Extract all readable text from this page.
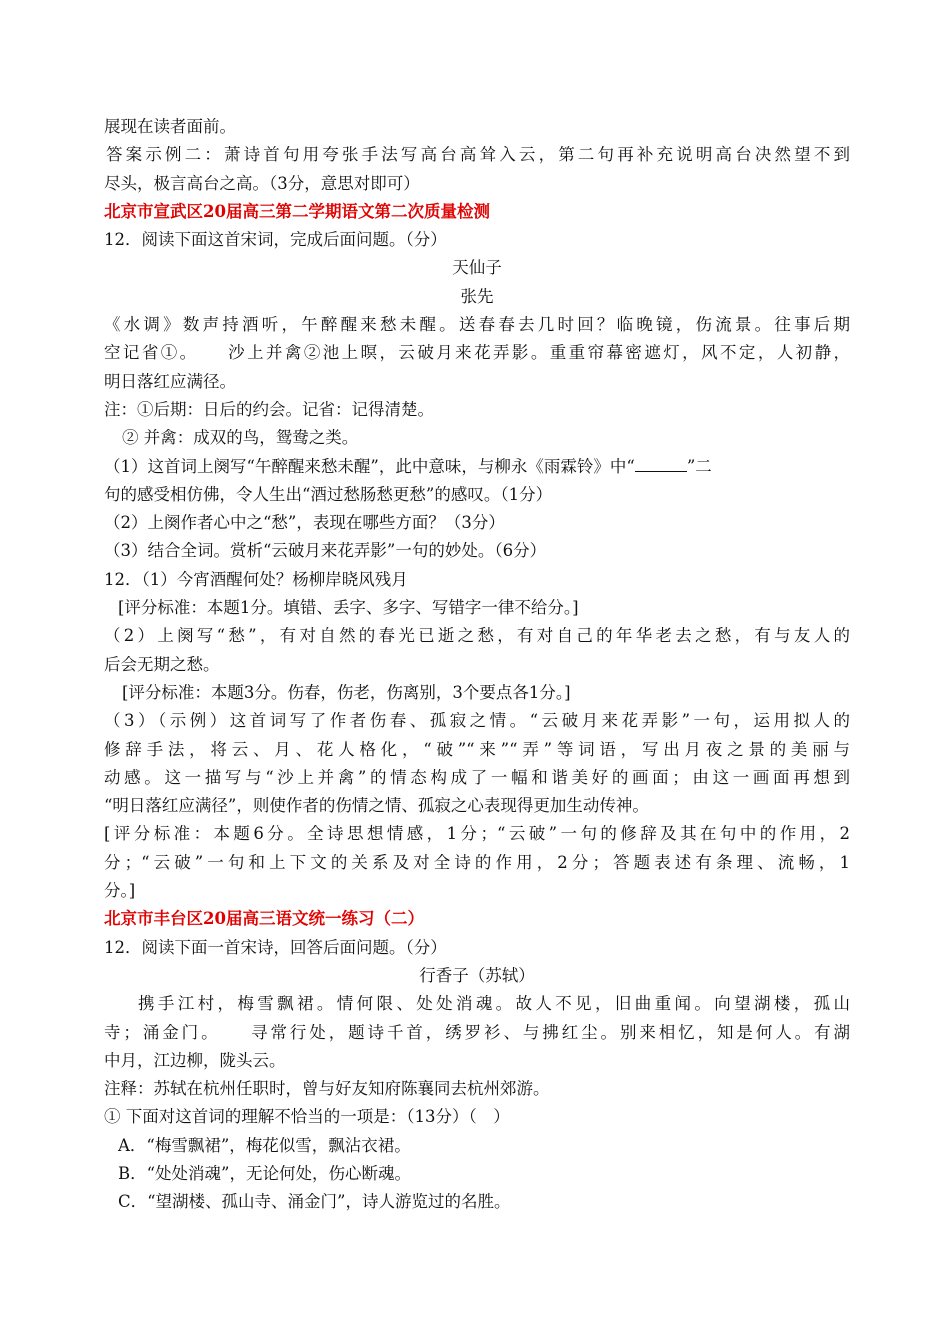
展现在读者面前。
答案示例二：萧诗首句用夸张手法写高台高耸入云，第二句再补充说明高台决然望不到
尽头，极言高台之高。（3分，意思对即可）
北京市宣武区20届高三第二学期语文第二次质量检测
12．阅读下面这首宋词，完成后面问题。（分）
天仙子
张先
《水调》数声持酒听，午醉醒来愁未醒。送春春去几时回？临晚镜，伤流景。往事后期
空记省①。　　沙上并禽②池上暝，云破月来花弄影。重重帘幕密遮灯，风不定，人初静，
明日落红应满径。
注：①后期：日后的约会。记省：记得清楚。
② 并禽：成双的鸟，鸳鸯之类。
（1）这首词上阕写“午醉醒来愁未醒”，此中意味，与柳永《雨霖铃》中“	”二
句的感受相仿佛，令人生出“酒过愁肠愁更愁”的感叹。（1分）
（2）上阕作者心中之“愁”，表现在哪些方面？（3分）
（3）结合全词。赏析“云破月来花弄影”一句的妙处。（6分）
12．（1）今宵酒醒何处？杨柳岸晓风残月
[评分标准：本题1分。填错、丢字、多字、写错字一律不给分。]
（2）上阕写“愁”，有对自然的春光已逝之愁，有对自己的年华老去之愁，有与友人的
后会无期之愁。
[评分标准：本题3分。伤春，伤老，伤离别，3个要点各1分。]
（3）（示例）这首词写了作者伤春、孤寂之情。“云破月来花弄影”一句，运用拟人的
修辞手法，将云、月、花人格化，“破”“来”“弄”等词语，写出月夜之景的美丽与
动感。这一描写与“沙上并禽”的情态构成了一幅和谐美好的画面；由这一画面再想到
“明日落红应满径”，则使作者的伤情之情、孤寂之心表现得更加生动传神。
[评分标准：本题6分。全诗思想情感，1分；“云破”一句的修辞及其在句中的作用，2
分；“云破”一句和上下文的关系及对全诗的作用，2分；答题表述有条理、流畅，1
分。]
北京市丰台区20届高三语文统一练习（二）
12．阅读下面一首宋诗，回答后面问题。（分）
行香子（苏轼）
携手江村，梅雪飘裙。情何限、处处消魂。故人不见，旧曲重闻。向望湖楼，孤山
寺；涌金门。　　寻常行处，题诗千首，绣罗衫、与拂红尘。别来相忆，知是何人。有湖
中月，江边柳，陇头云。
注释：苏轼在杭州任职时，曾与好友知府陈襄同去杭州郊游。
① 下面对这首词的理解不恰当的一项是：（13分）（　）
A．“梅雪飘裙”，梅花似雪，飘沾衣裙。
B．“处处消魂”，无论何处，伤心断魂。
C．“望湖楼、孤山寺、涌金门”，诗人游览过的名胜。
